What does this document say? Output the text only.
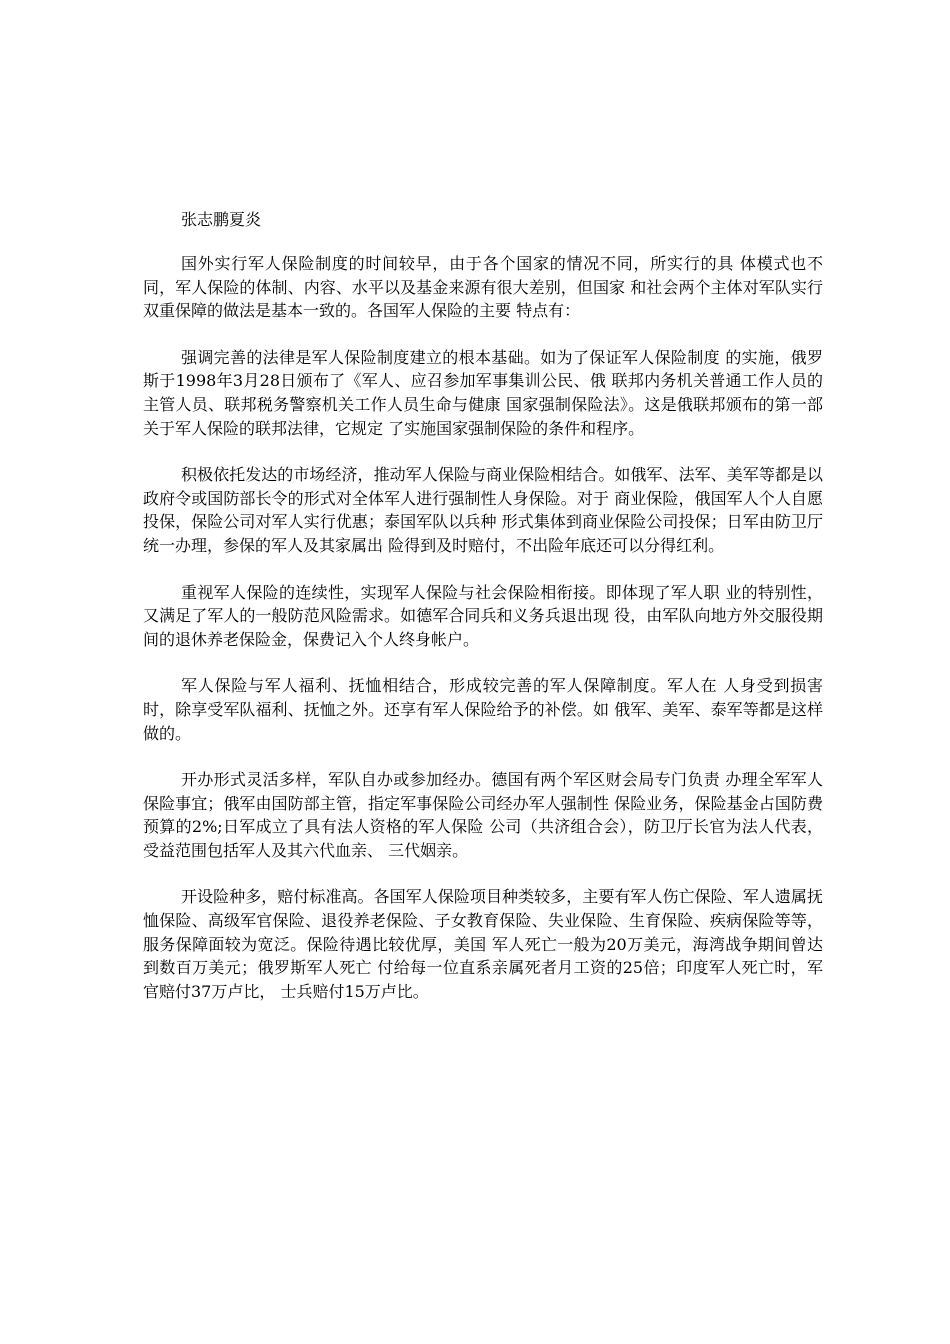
张志鹏夏炎

国外实行军人保险制度的时间较早，由于各个国家的情况不同，所实行的具 体模式也不同，军人保险的体制、内容、水平以及基金来源有很大差别，但国家 和社会两个主体对军队实行双重保障的做法是基本一致的。各国军人保险的主要 特点有：

强调完善的法律是军人保险制度建立的根本基础。如为了保证军人保险制度 的实施，俄罗斯于1998年3月28日颁布了《军人、应召参加军事集训公民、俄 联邦内务机关普通工作人员的主管人员、联邦税务警察机关工作人员生命与健康 国家强制保险法》。这是俄联邦颁布的第一部关于军人保险的联邦法律，它规定 了实施国家强制保险的条件和程序。

积极依托发达的市场经济，推动军人保险与商业保险相结合。如俄军、法军、美军等都是以政府令或国防部长令的形式对全体军人进行强制性人身保险。对于 商业保险，俄国军人个人自愿投保，保险公司对军人实行优惠；泰国军队以兵种 形式集体到商业保险公司投保；日军由防卫厅统一办理，参保的军人及其家属出 险得到及时赔付，不出险年底还可以分得红利。

重视军人保险的连续性，实现军人保险与社会保险相衔接。即体现了军人职 业的特别性，又满足了军人的一般防范风险需求。如德军合同兵和义务兵退出现 役，由军队向地方外交服役期间的退休养老保险金，保费记入个人终身帐户。

军人保险与军人福利、抚恤相结合，形成较完善的军人保障制度。军人在 人身受到损害时，除享受军队福利、抚恤之外。还享有军人保险给予的补偿。如 俄军、美军、泰军等都是这样做的。

开办形式灵活多样，军队自办或参加经办。德国有两个军区财会局专门负责 办理全军军人保险事宜；俄军由国防部主管，指定军事保险公司经办军人强制性 保险业务，保险基金占国防费预算的2%;日军成立了具有法人资格的军人保险 公司（共济组合会），防卫厅长官为法人代表，受益范围包括军人及其六代血亲、 三代姻亲。

开设险种多，赔付标准高。各国军人保险项目种类较多，主要有军人伤亡保险、军人遗属抚恤保险、高级军官保险、退役养老保险、子女教育保险、失业保险、生育保险、疾病保险等等，服务保障面较为宽泛。保险待遇比较优厚，美国 军人死亡一般为20万美元，海湾战争期间曾达到数百万美元；俄罗斯军人死亡 付给每一位直系亲属死者月工资的25倍；印度军人死亡时，军官赔付37万卢比， 士兵赔付15万卢比。
